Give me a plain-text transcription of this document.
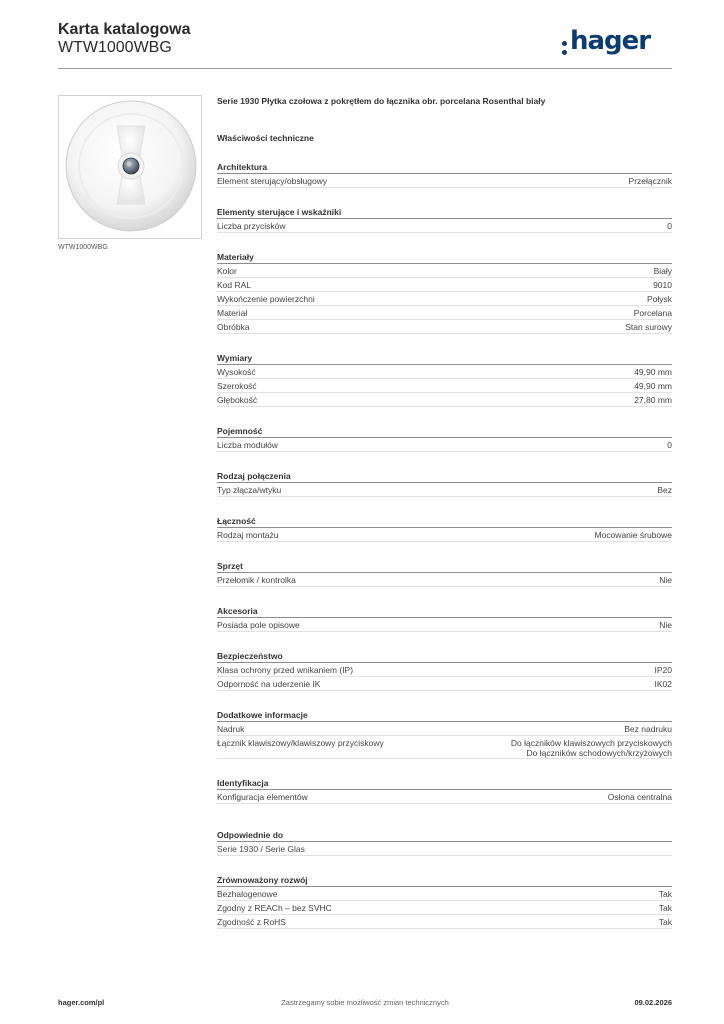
Karta katalogowa
WTW1000WBG	hager
WTW1000WBG
Serie 1930 Płytka czołowa z pokrętłem do łącznika obr. porcelana Rosenthal biały
Właściwości techniczne
Architektura
Element sterujący/obsługowy	Przełącznik
Elementy sterujące i wskaźniki
Liczba przycisków	0
Materiały
Kolor	Biały
Kod RAL	9010
Wykończenie powierzchni	Połysk
Materiał	Porcelana
Obróbka	Stan surowy
Wymiary
Wysokość	49,90 mm
Szerokość	49,90 mm
Głębokość	27,80 mm
Pojemność
Liczba modułów	0
Rodzaj połączenia
Typ złącza/wtyku	Bez
Łączność
Rodzaj montażu	Mocowanie śrubowe
Sprzęt
Przełomik / kontrolka	Nie
Akcesoria
Posiada pole opisowe	Nie
Bezpieczeństwo
Klasa ochrony przed wnikaniem (IP)	IP20
Odporność na uderzenie IK	IK02
Dodatkowe informacje
Nadruk	Bez nadruku
Łącznik klawiszowy/klawiszowy przyciskowy	Do łączników klawiszowych przyciskowych
Do łączników schodowych/krzyżowych
Identyfikacja
Konfiguracja elementów	Osłona centralna
Odpowiednie do
Serie 1930 / Serie Glas
Zrównoważony rozwój
Bezhalogenowe	Tak
Zgodny z REACh – bez SVHC	Tak
Zgodność z RoHS	Tak
hager.com/pl	Zastrzegamy sobie możliwość zmian technicznych	09.02.2026
